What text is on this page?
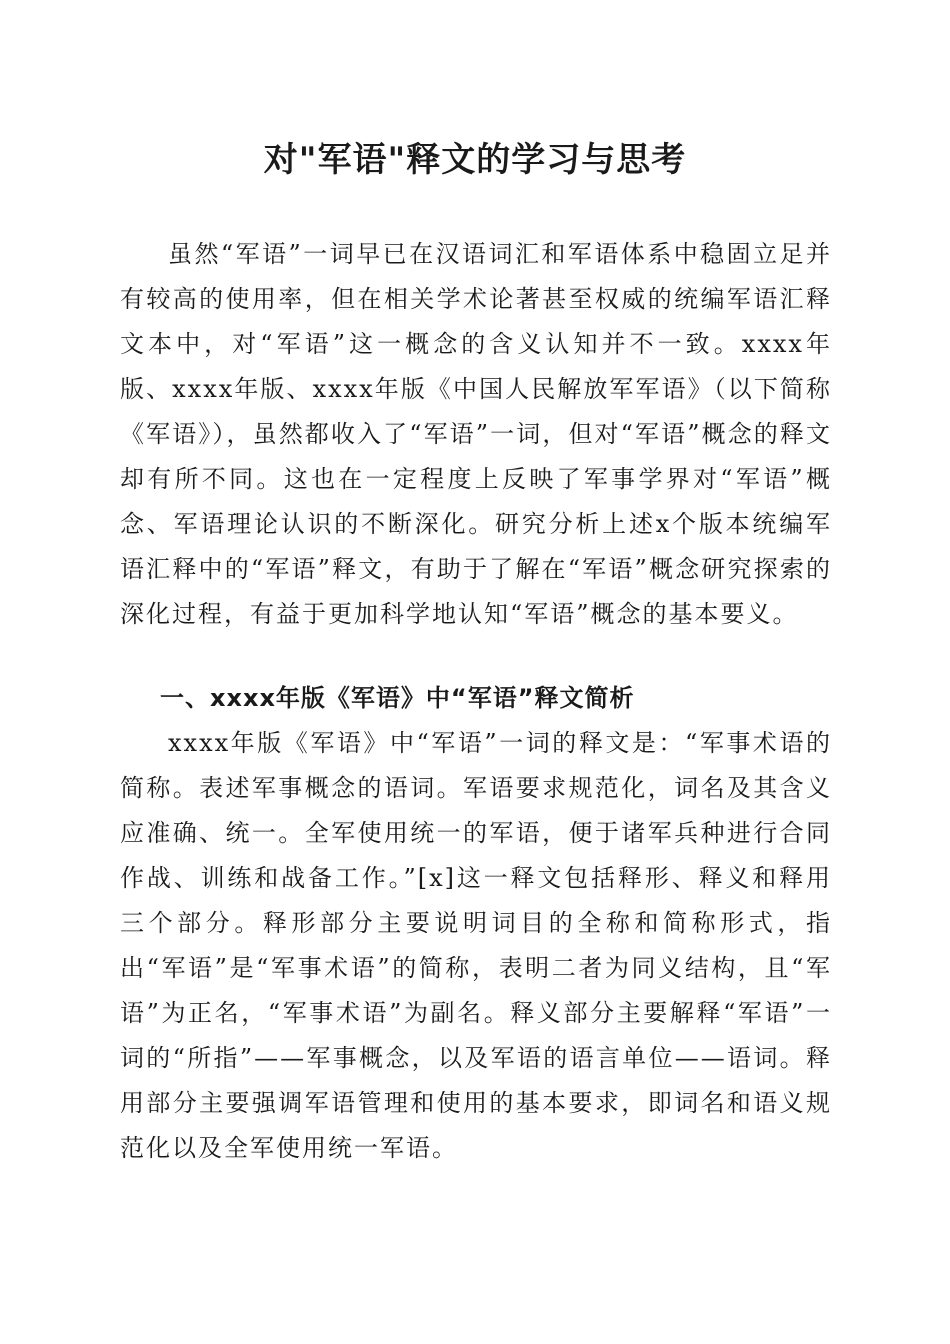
对"军语"释文的学习与思考
虽然“军语”一词早已在汉语词汇和军语体系中稳固立足并有较高的使用率，但在相关学术论著甚至权威的统编军语汇释文本中，对“军语”这一概念的含义认知并不一致。xxxx年版、xxxx年版、xxxx年版《中国人民解放军军语》（以下简称《军语》），虽然都收入了“军语”一词，但对“军语”概念的释文却有所不同。这也在一定程度上反映了军事学界对“军语”概念、军语理论认识的不断深化。研究分析上述x个版本统编军语汇释中的“军语”释文，有助于了解在“军语”概念研究探索的深化过程，有益于更加科学地认知“军语”概念的基本要义。
一、xxxx年版《军语》中“军语”释文简析
xxxx年版《军语》中“军语”一词的释文是：“军事术语的简称。表述军事概念的语词。军语要求规范化，词名及其含义应准确、统一。全军使用统一的军语，便于诸军兵种进行合同作战、训练和战备工作。”[x]这一释文包括释形、释义和释用三个部分。释形部分主要说明词目的全称和简称形式，指出“军语”是“军事术语”的简称，表明二者为同义结构，且“军语”为正名，“军事术语”为副名。释义部分主要解释“军语”一词的“所指”——军事概念，以及军语的语言单位——语词。释用部分主要强调军语管理和使用的基本要求，即词名和语义规范化以及全军使用统一军语。
